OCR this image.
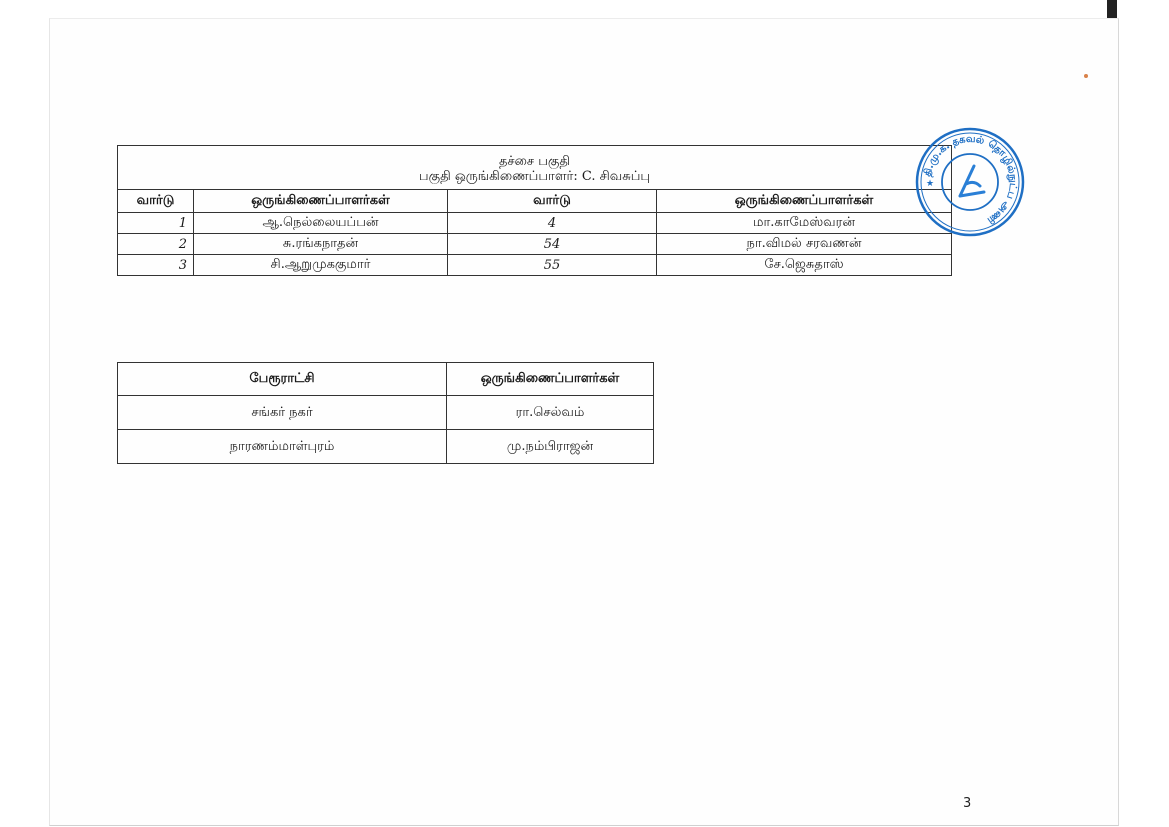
தச்சை பகுதி
பகுதி ஒருங்கிணைப்பாளர்: C. சிவசுப்பு			

வார்டு	ஒருங்கிணைப்பாளர்கள்	வார்டு	ஒருங்கிணைப்பாளர்கள்
1	ஆ.நெல்லையப்பன்	4	மா.காமேஸ்வரன்
2	சு.ரங்கநாதன்	54	நா.விமல் சரவணன்
3	சி.ஆறுமுககுமார்	55	சே.ஜெசுதாஸ்
தி.மு.க. தகவல் தொழில்நுட்ப அணி
★
பேரூராட்சி	ஒருங்கிணைப்பாளர்கள்
சங்கர் நகர்	ரா.செல்வம்
நாரணம்மாள்புரம்	மு.நம்பிராஜன்
3
